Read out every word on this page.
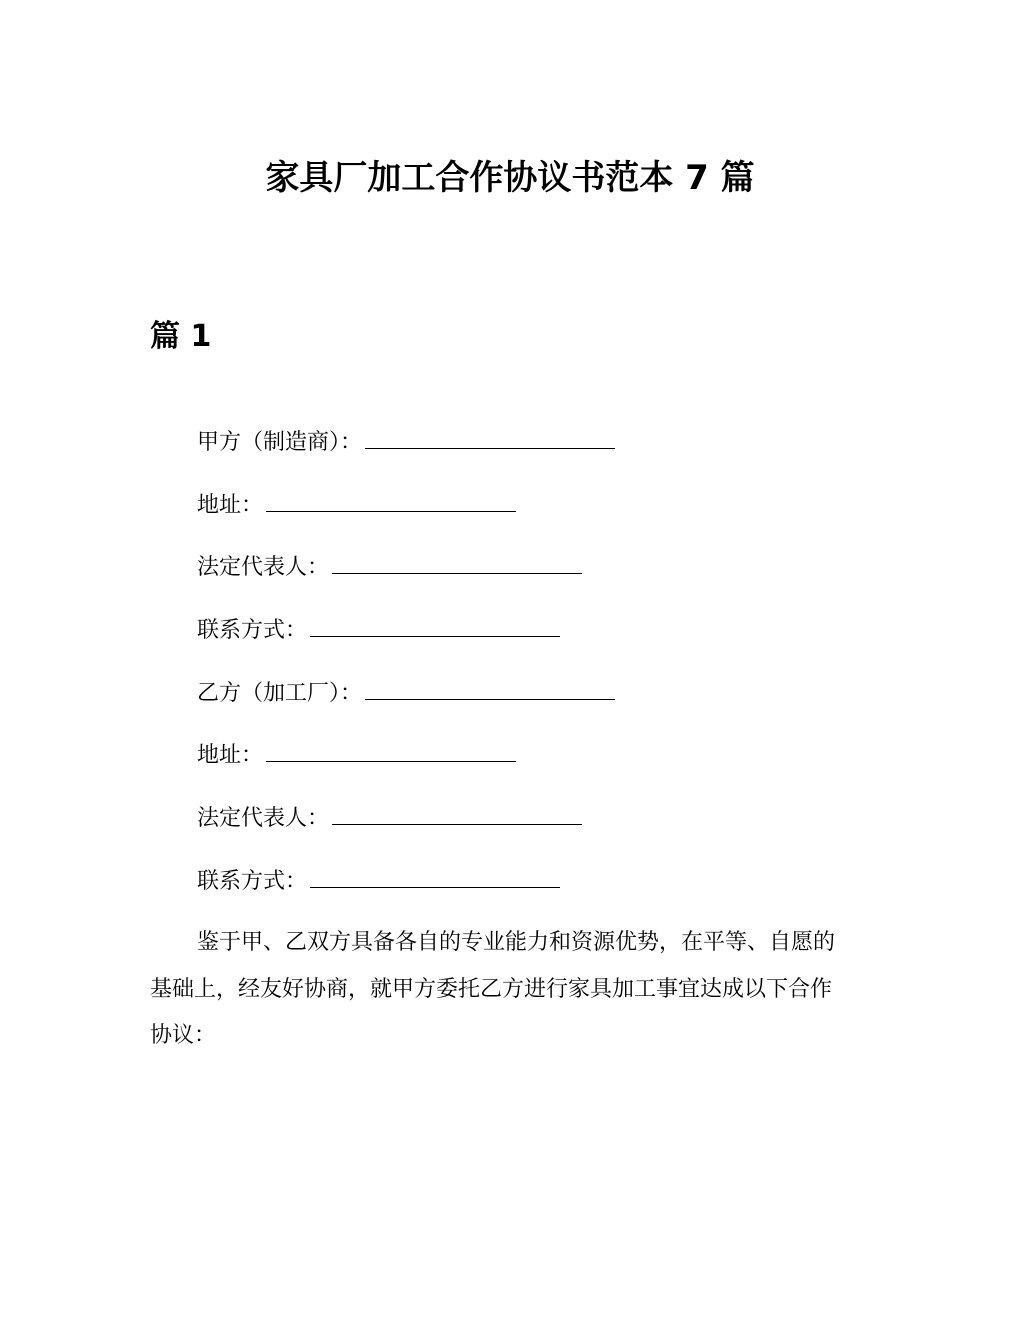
家具厂加工合作协议书范本 7 篇
篇 1
甲方（制造商）：
地址：
法定代表人：
联系方式：
乙方（加工厂）：
地址：
法定代表人：
联系方式：

鉴于甲、乙双方具备各自的专业能力和资源优势，在平等、自愿的基础上，经友好协商，就甲方委托乙方进行家具加工事宜达成以下合作协议：
